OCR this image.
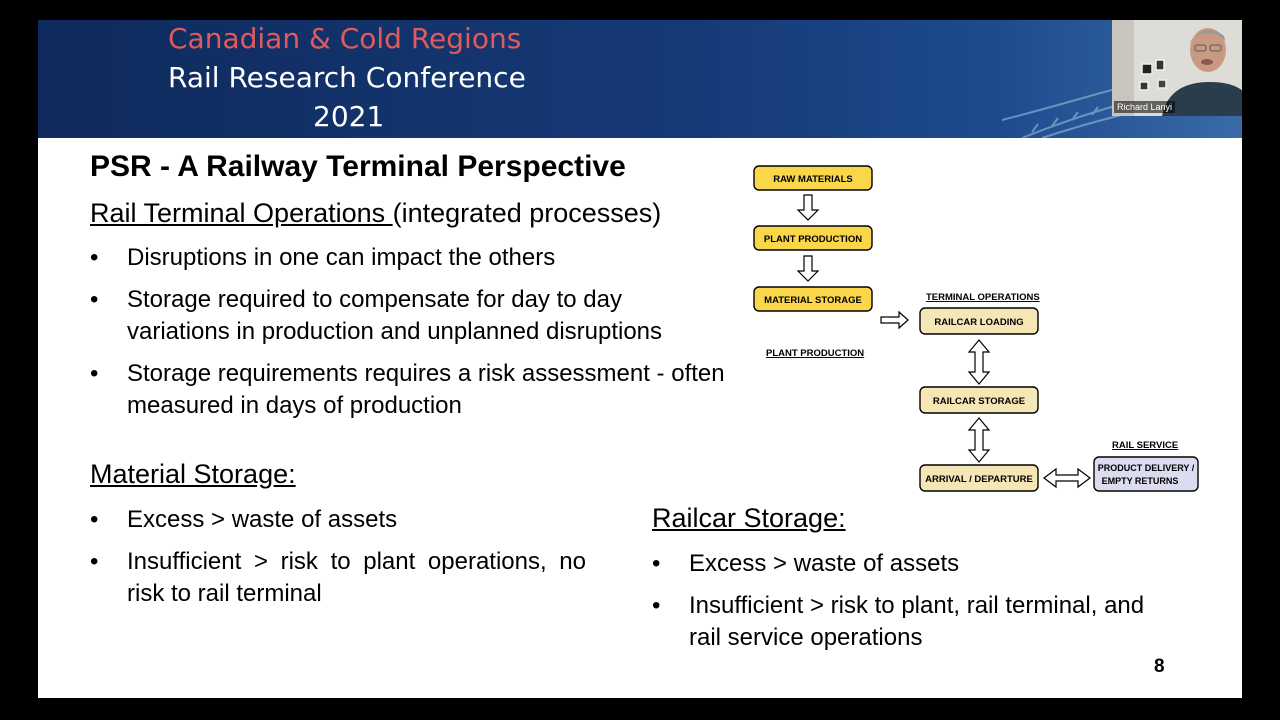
Canadian & Cold Regions
Rail Research Conference
2021
PSR - A Railway Terminal Perspective
Rail Terminal Operations (integrated processes)
• Disruptions in one can impact the others
• Storage required to compensate for day to day variations in production and unplanned disruptions
• Storage requirements requires a risk assessment - often measured in days of production
Material Storage:
• Excess > waste of assets
• Insufficient > risk to plant operations, no risk to rail terminal
Railcar Storage:
• Excess > waste of assets
• Insufficient > risk to plant, rail terminal, and rail service operations
8
RAW MATERIALS
PLANT PRODUCTION
MATERIAL STORAGE
PLANT PRODUCTION
TERMINAL OPERATIONS
RAILCAR LOADING
RAILCAR STORAGE
ARRIVAL / DEPARTURE
RAIL SERVICE
PRODUCT DELIVERY /
EMPTY RETURNS
Richard Lanyi
